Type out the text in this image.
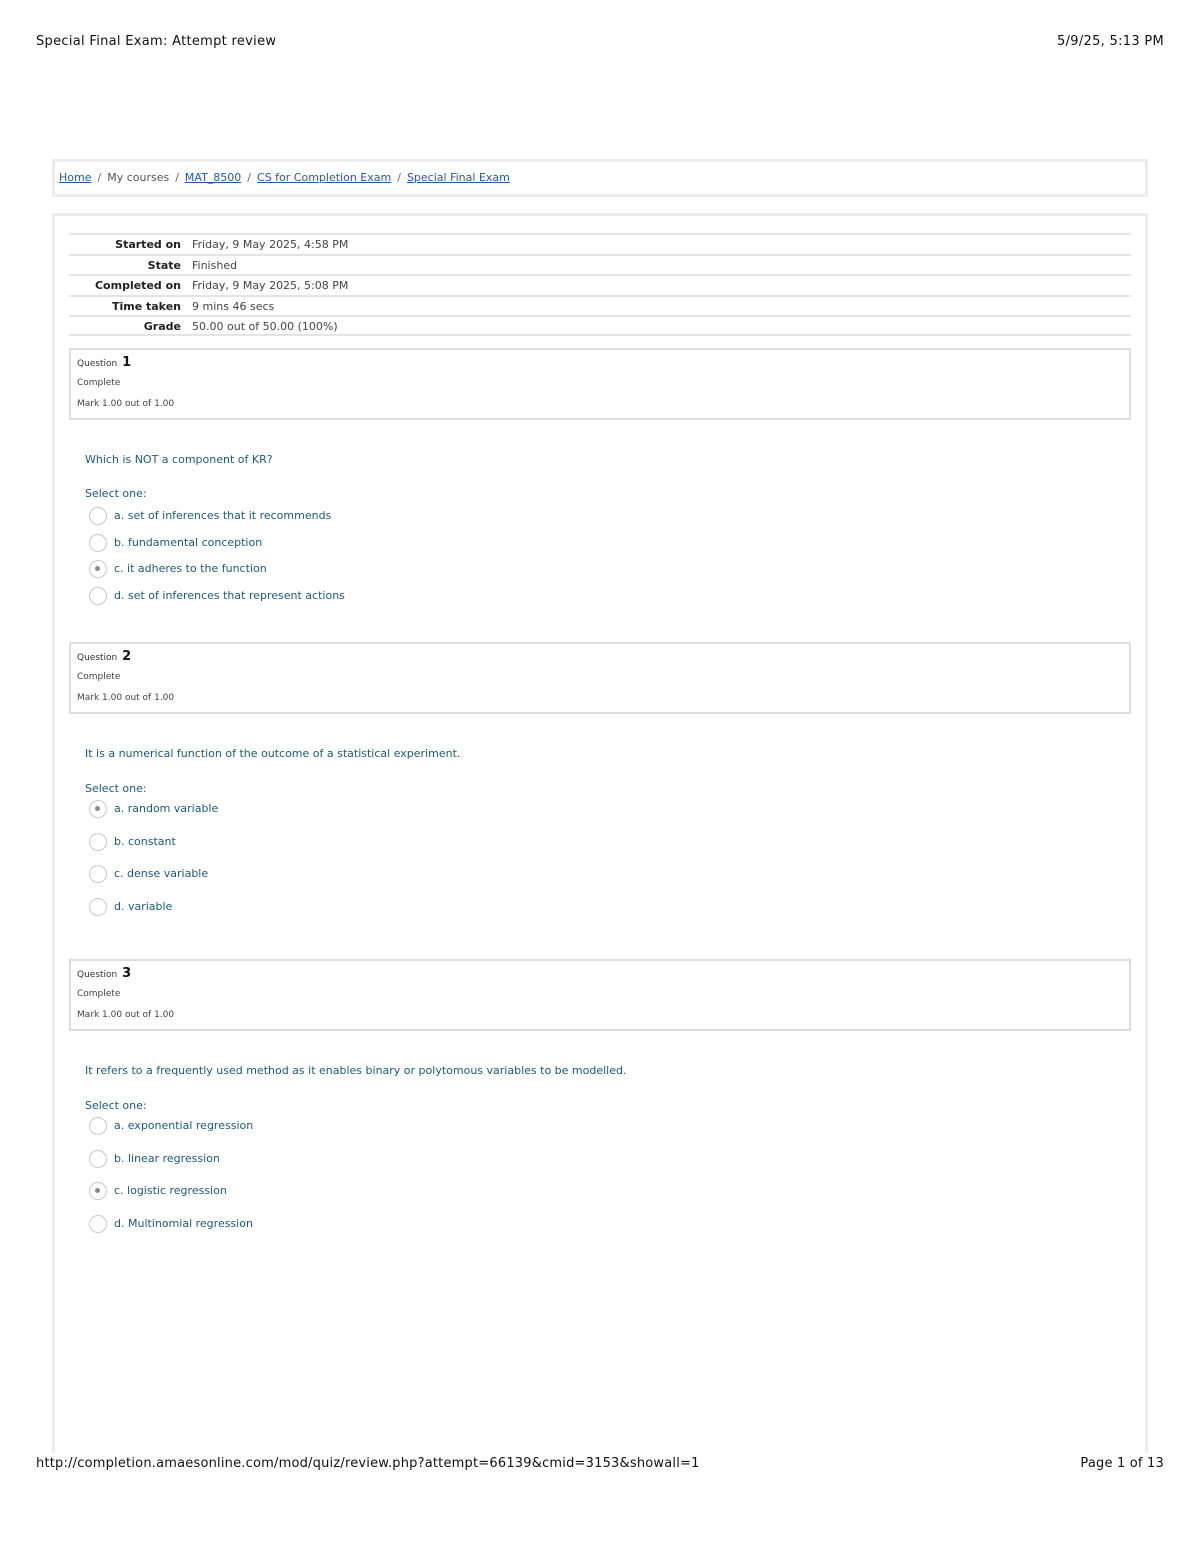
Special Final Exam: Attempt review	5/9/25, 5:13 PM
Home / My courses / MAT_8500 / CS for Completion Exam / Special Final Exam
Started on Friday, 9 May 2025, 4:58 PM
State Finished
Completed on Friday, 9 May 2025, 5:08 PM
Time taken 9 mins 46 secs
Grade 50.00 out of 50.00 (100%)
Question 1
Complete
Mark 1.00 out of 1.00
Which is NOT a component of KR?
Select one:
a. set of inferences that it recommends
b. fundamental conception
c. it adheres to the function
d. set of inferences that represent actions
Question 2
Complete
Mark 1.00 out of 1.00
It is a numerical function of the outcome of a statistical experiment.
Select one:
a. random variable
b. constant
c. dense variable
d. variable
Question 3
Complete
Mark 1.00 out of 1.00
It refers to a frequently used method as it enables binary or polytomous variables to be modelled.
Select one:
a. exponential regression
b. linear regression
c. logistic regression
d. Multinomial regression
http://completion.amaesonline.com/mod/quiz/review.php?attempt=66139&cmid=3153&showall=1	Page 1 of 13
